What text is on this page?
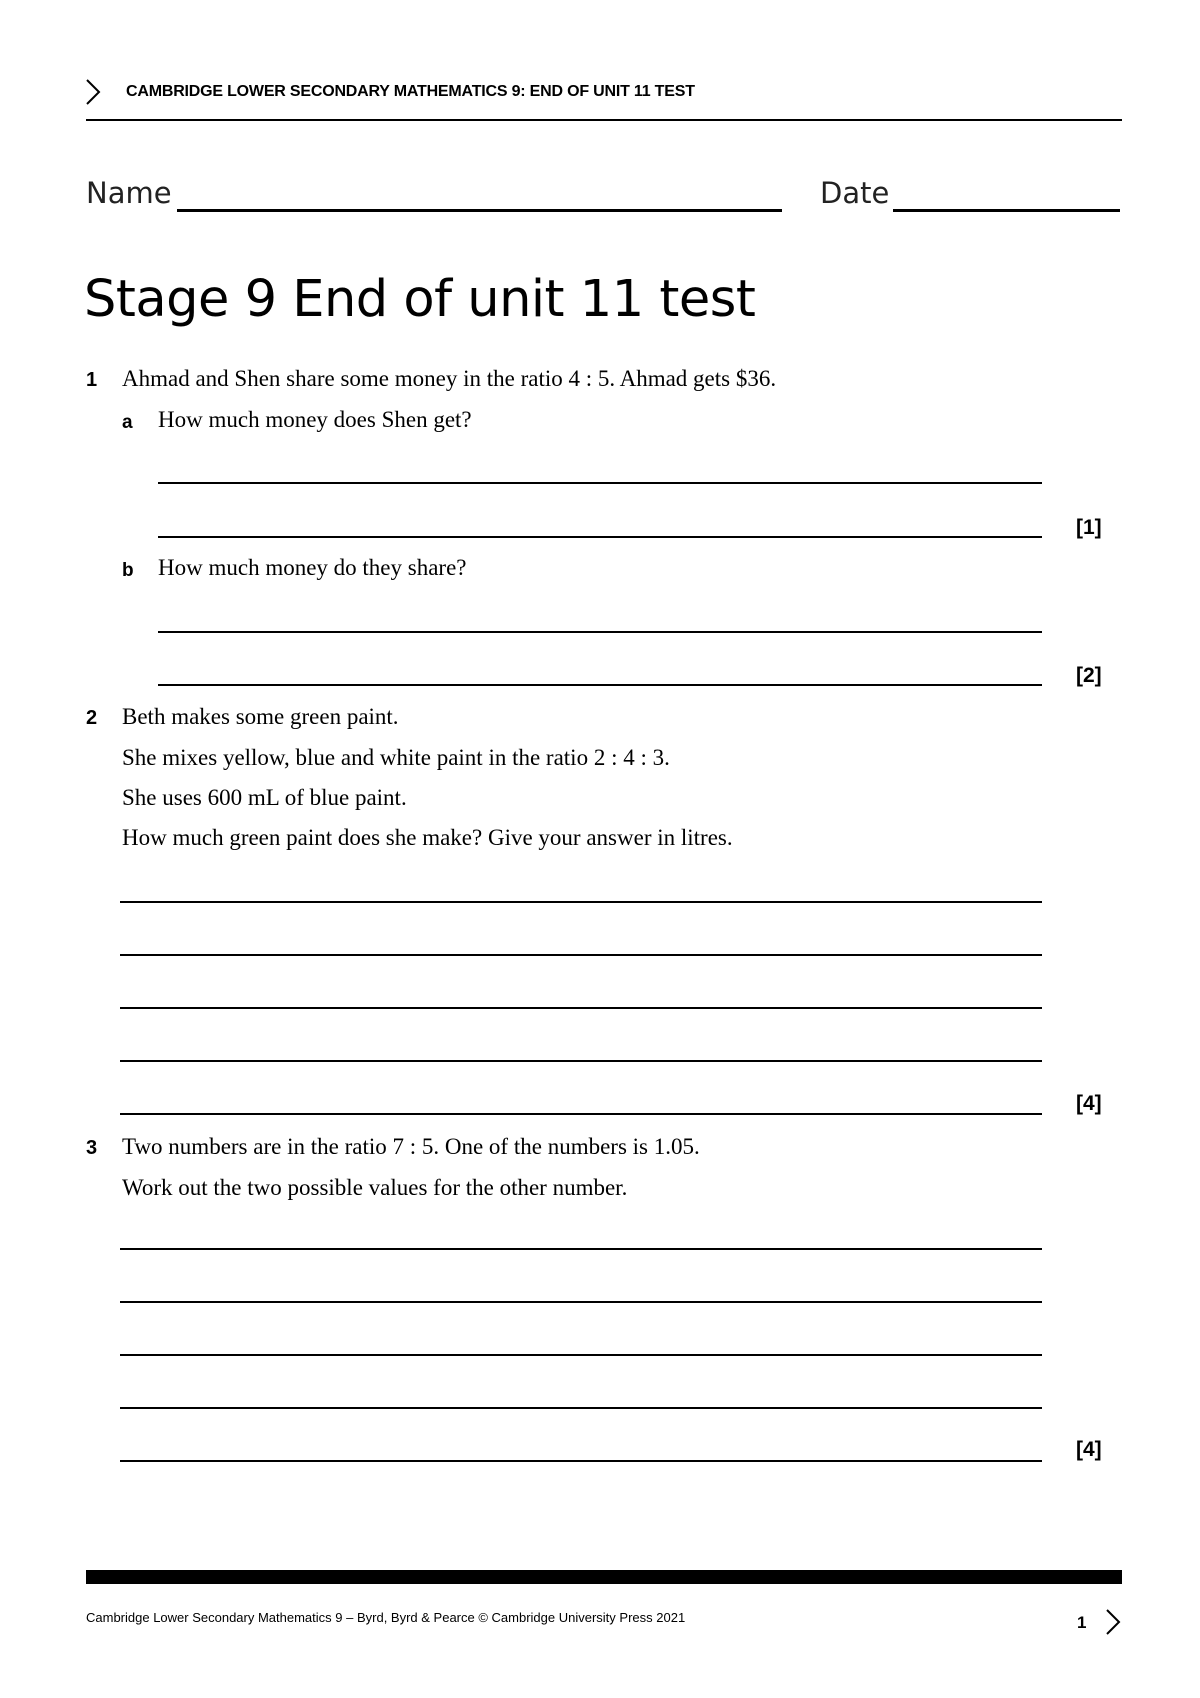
CAMBRIDGE LOWER SECONDARY MATHEMATICS 9: END OF UNIT 11 TEST
Name	Date
Stage 9 End of unit 11 test
1 Ahmad and Shen share some money in the ratio 4 : 5. Ahmad gets $36.
a How much money does Shen get?
[1]
b How much money do they share?
[2]
2 Beth makes some green paint.
She mixes yellow, blue and white paint in the ratio 2 : 4 : 3.
She uses 600 mL of blue paint.
How much green paint does she make? Give your answer in litres.
[4]
3 Two numbers are in the ratio 7 : 5. One of the numbers is 1.05.
Work out the two possible values for the other number.
[4]
Cambridge Lower Secondary Mathematics 9 – Byrd, Byrd & Pearce © Cambridge University Press 2021	1
